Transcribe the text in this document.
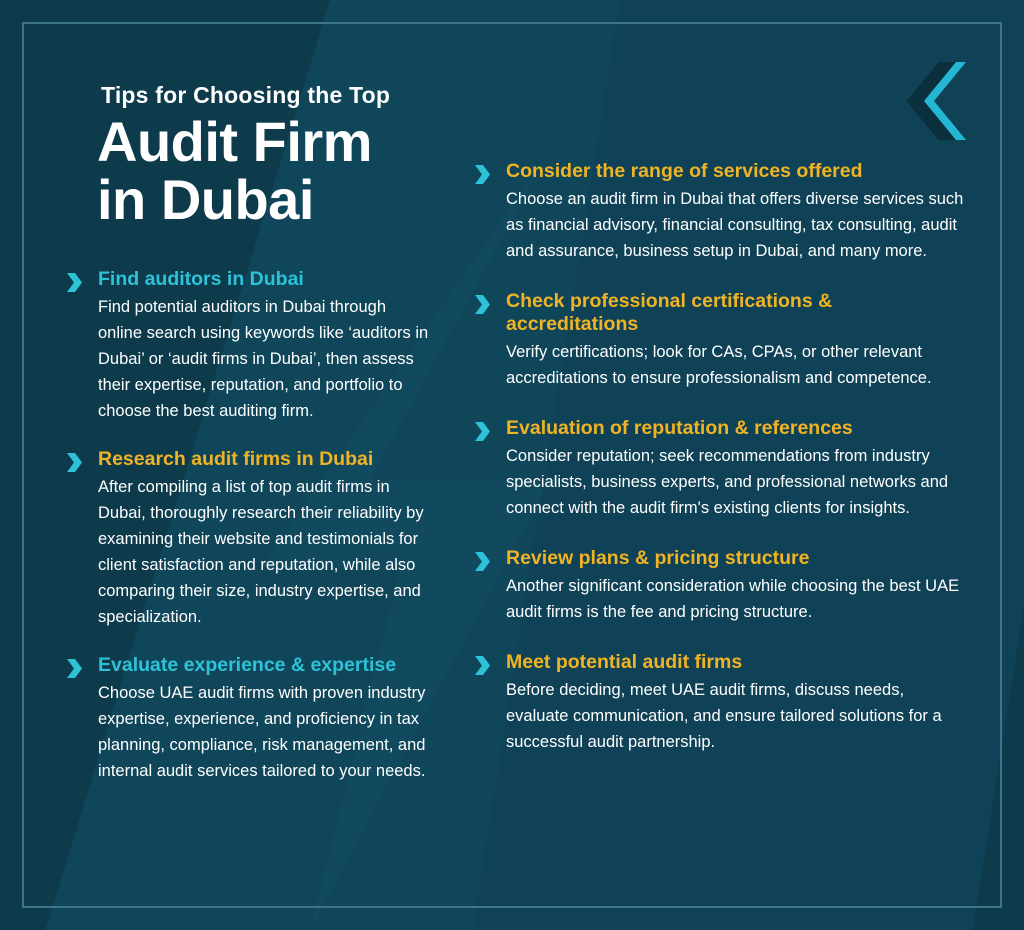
Tips for Choosing the Top

Audit Firm
in Dubai
Find auditors in Dubai

Find potential auditors in Dubai through online search using keywords like ‘auditors in Dubai’ or ‘audit firms in Dubai’, then assess their expertise, reputation, and portfolio to choose the best auditing firm.

Research audit firms in Dubai

After compiling a list of top audit firms in Dubai, thoroughly research their reliability by examining their website and testimonials for client satisfaction and reputation, while also comparing their size, industry expertise, and specialization.

Evaluate experience & expertise

Choose UAE audit firms with proven industry expertise, experience, and proficiency in tax planning, compliance, risk management, and internal audit services tailored to your needs.

Consider the range of services offered

Choose an audit firm in Dubai that offers diverse services such as financial advisory, financial consulting, tax consulting, audit and assurance, business setup in Dubai, and many more.

Check professional certifications & accreditations

Verify certifications; look for CAs, CPAs, or other relevant accreditations to ensure professionalism and competence.

Evaluation of reputation & references

Consider reputation; seek recommendations from industry specialists, business experts, and professional networks and connect with the audit firm's existing clients for insights.

Review plans & pricing structure

Another significant consideration while choosing the best UAE audit firms is the fee and pricing structure.

Meet potential audit firms

Before deciding, meet UAE audit firms, discuss needs, evaluate communication, and ensure tailored solutions for a successful audit partnership.
